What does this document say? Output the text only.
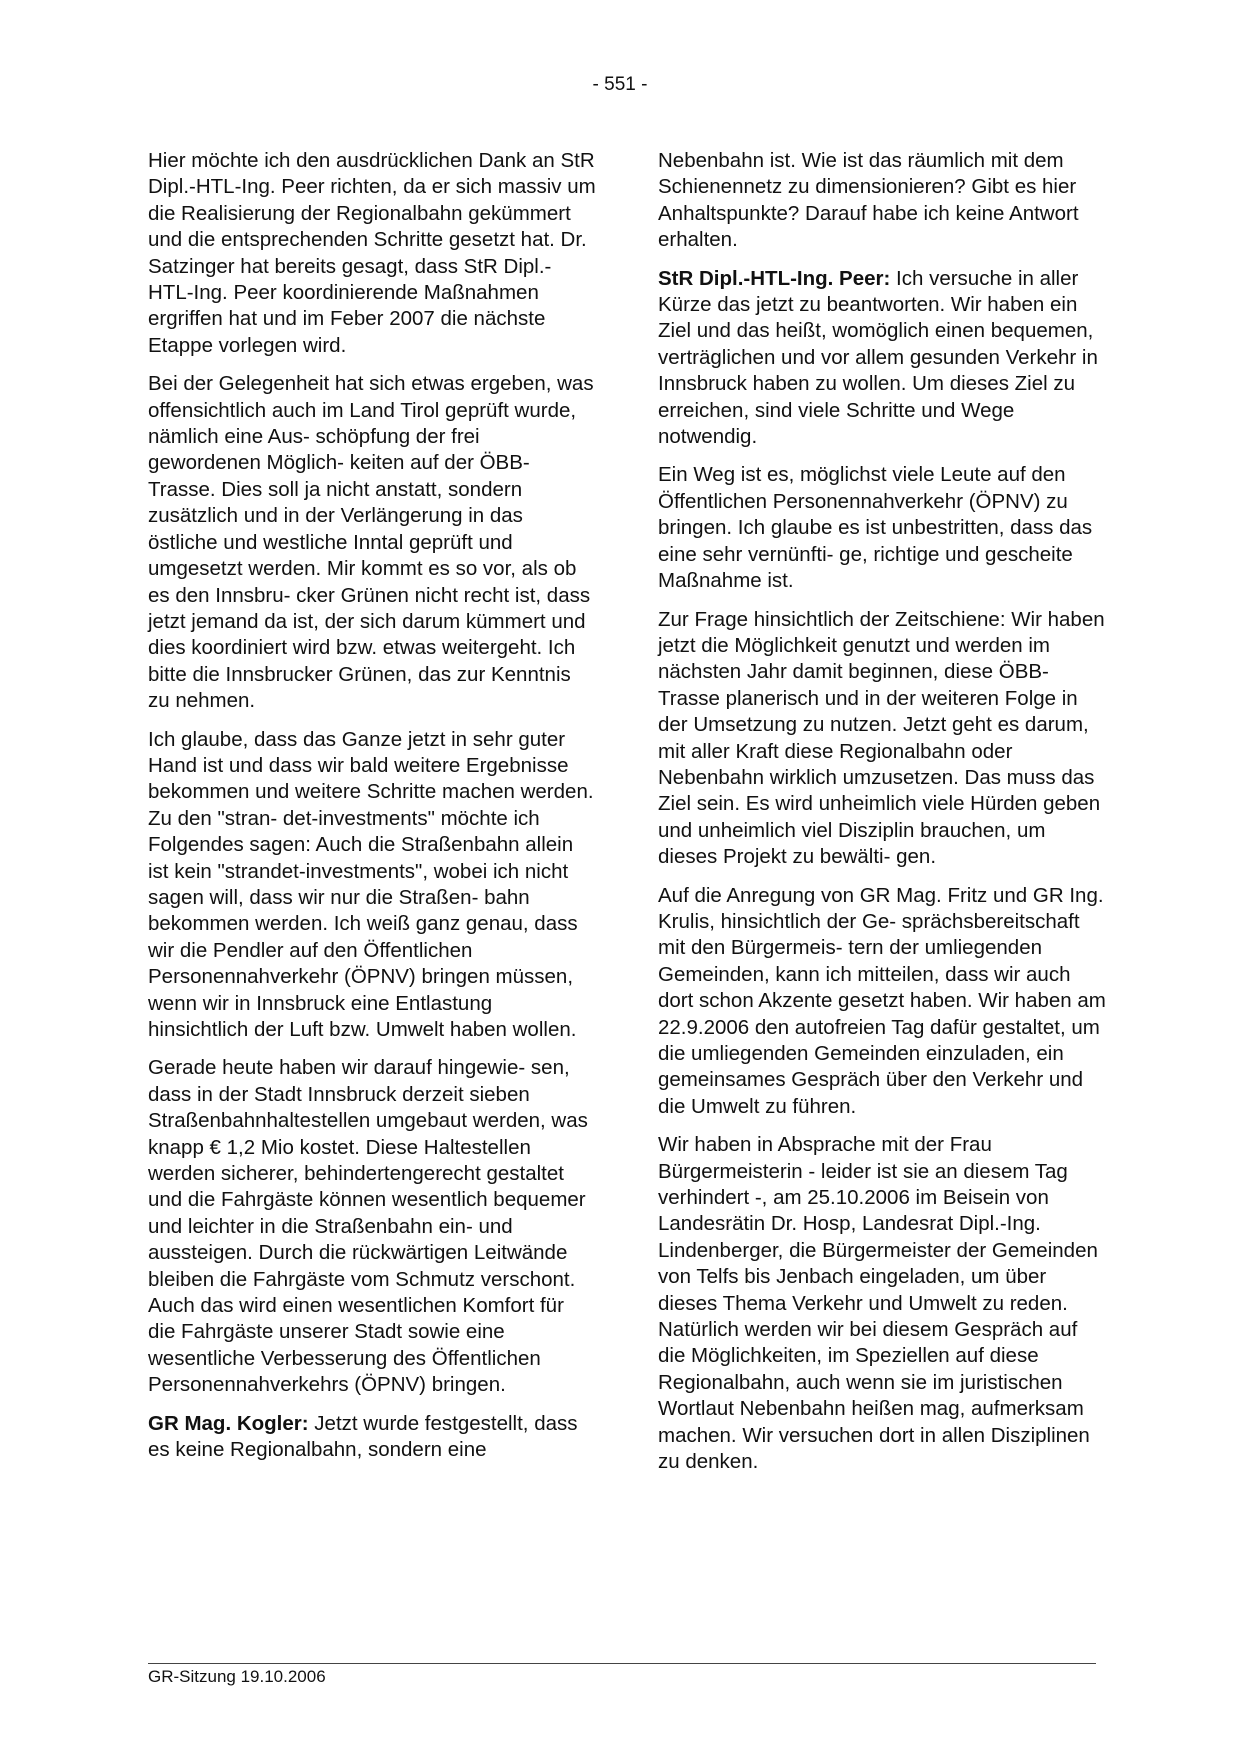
- 551 -

Hier möchte ich den ausdrücklichen Dank an StR Dipl.-HTL-Ing. Peer richten, da er sich massiv um die Realisierung der Regionalbahn gekümmert und die entsprechenden Schritte gesetzt hat. Dr. Satzinger hat bereits gesagt, dass StR Dipl.-HTL-Ing. Peer koordinierende Maßnahmen ergriffen hat und im Feber 2007 die nächste Etappe vorlegen wird.

Bei der Gelegenheit hat sich etwas ergeben, was offensichtlich auch im Land Tirol geprüft wurde, nämlich eine Aus- schöpfung der frei gewordenen Möglich- keiten auf der ÖBB-Trasse. Dies soll ja nicht anstatt, sondern zusätzlich und in der Verlängerung in das östliche und westliche Inntal geprüft und umgesetzt werden. Mir kommt es so vor, als ob es den Innsbru- cker Grünen nicht recht ist, dass jetzt jemand da ist, der sich darum kümmert und dies koordiniert wird bzw. etwas weitergeht. Ich bitte die Innsbrucker Grünen, das zur Kenntnis zu nehmen.

Ich glaube, dass das Ganze jetzt in sehr guter Hand ist und dass wir bald weitere Ergebnisse bekommen und weitere Schritte machen werden. Zu den "stran- det-investments" möchte ich Folgendes sagen: Auch die Straßenbahn allein ist kein "strandet-investments", wobei ich nicht sagen will, dass wir nur die Straßen- bahn bekommen werden. Ich weiß ganz genau, dass wir die Pendler auf den Öffentlichen Personennahverkehr (ÖPNV) bringen müssen, wenn wir in Innsbruck eine Entlastung hinsichtlich der Luft bzw. Umwelt haben wollen.

Gerade heute haben wir darauf hingewie- sen, dass in der Stadt Innsbruck derzeit sieben Straßenbahnhaltestellen umgebaut werden, was knapp € 1,2 Mio kostet. Diese Haltestellen werden sicherer, behindertengerecht gestaltet und die Fahrgäste können wesentlich bequemer und leichter in die Straßenbahn ein- und aussteigen. Durch die rückwärtigen Leitwände bleiben die Fahrgäste vom Schmutz verschont. Auch das wird einen wesentlichen Komfort für die Fahrgäste unserer Stadt sowie eine wesentliche Verbesserung des Öffentlichen Personennahverkehrs (ÖPNV) bringen.

GR Mag. Kogler: Jetzt wurde festgestellt, dass es keine Regionalbahn, sondern eine

Nebenbahn ist. Wie ist das räumlich mit dem Schienennetz zu dimensionieren? Gibt es hier Anhaltspunkte? Darauf habe ich keine Antwort erhalten.

StR Dipl.-HTL-Ing. Peer: Ich versuche in aller Kürze das jetzt zu beantworten. Wir haben ein Ziel und das heißt, womöglich einen bequemen, verträglichen und vor allem gesunden Verkehr in Innsbruck haben zu wollen. Um dieses Ziel zu erreichen, sind viele Schritte und Wege notwendig.

Ein Weg ist es, möglichst viele Leute auf den Öffentlichen Personennahverkehr (ÖPNV) zu bringen. Ich glaube es ist unbestritten, dass das eine sehr vernünfti- ge, richtige und gescheite Maßnahme ist.

Zur Frage hinsichtlich der Zeitschiene: Wir haben jetzt die Möglichkeit genutzt und werden im nächsten Jahr damit beginnen, diese ÖBB-Trasse planerisch und in der weiteren Folge in der Umsetzung zu nutzen. Jetzt geht es darum, mit aller Kraft diese Regionalbahn oder Nebenbahn wirklich umzusetzen. Das muss das Ziel sein. Es wird unheimlich viele Hürden geben und unheimlich viel Disziplin brauchen, um dieses Projekt zu bewälti- gen.

Auf die Anregung von GR Mag. Fritz und GR Ing. Krulis, hinsichtlich der Ge- sprächsbereitschaft mit den Bürgermeis- tern der umliegenden Gemeinden, kann ich mitteilen, dass wir auch dort schon Akzente gesetzt haben. Wir haben am 22.9.2006 den autofreien Tag dafür gestaltet, um die umliegenden Gemeinden einzuladen, ein gemeinsames Gespräch über den Verkehr und die Umwelt zu führen.

Wir haben in Absprache mit der Frau Bürgermeisterin - leider ist sie an diesem Tag verhindert -, am 25.10.2006 im Beisein von Landesrätin Dr. Hosp, Landesrat Dipl.-Ing. Lindenberger, die Bürgermeister der Gemeinden von Telfs bis Jenbach eingeladen, um über dieses Thema Verkehr und Umwelt zu reden. Natürlich werden wir bei diesem Gespräch auf die Möglichkeiten, im Speziellen auf diese Regionalbahn, auch wenn sie im juristischen Wortlaut Nebenbahn heißen mag, aufmerksam machen. Wir versuchen dort in allen Disziplinen zu denken.

GR-Sitzung 19.10.2006
